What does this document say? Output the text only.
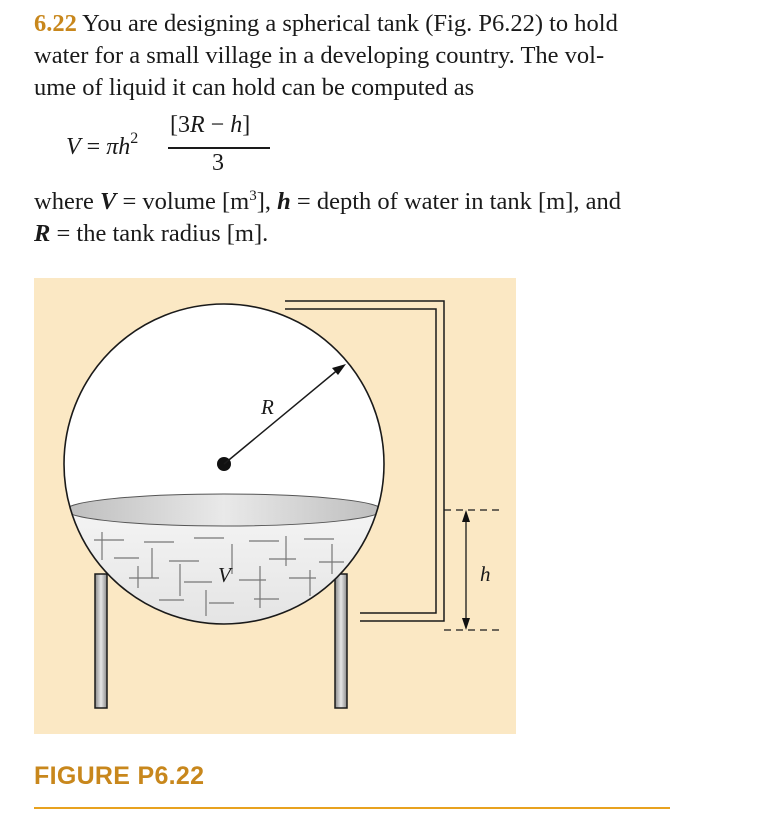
6.22 You are designing a spherical tank (Fig. P6.22) to hold
water for a small village in a developing country. The vol-
ume of liquid it can hold can be computed as
$V = \pi h^2$
[3R − h]
3
where V = volume $[m^3]$, h = depth of water in tank [m], and
R = the tank radius [m].
R
V	h
FIGURE P6.22
